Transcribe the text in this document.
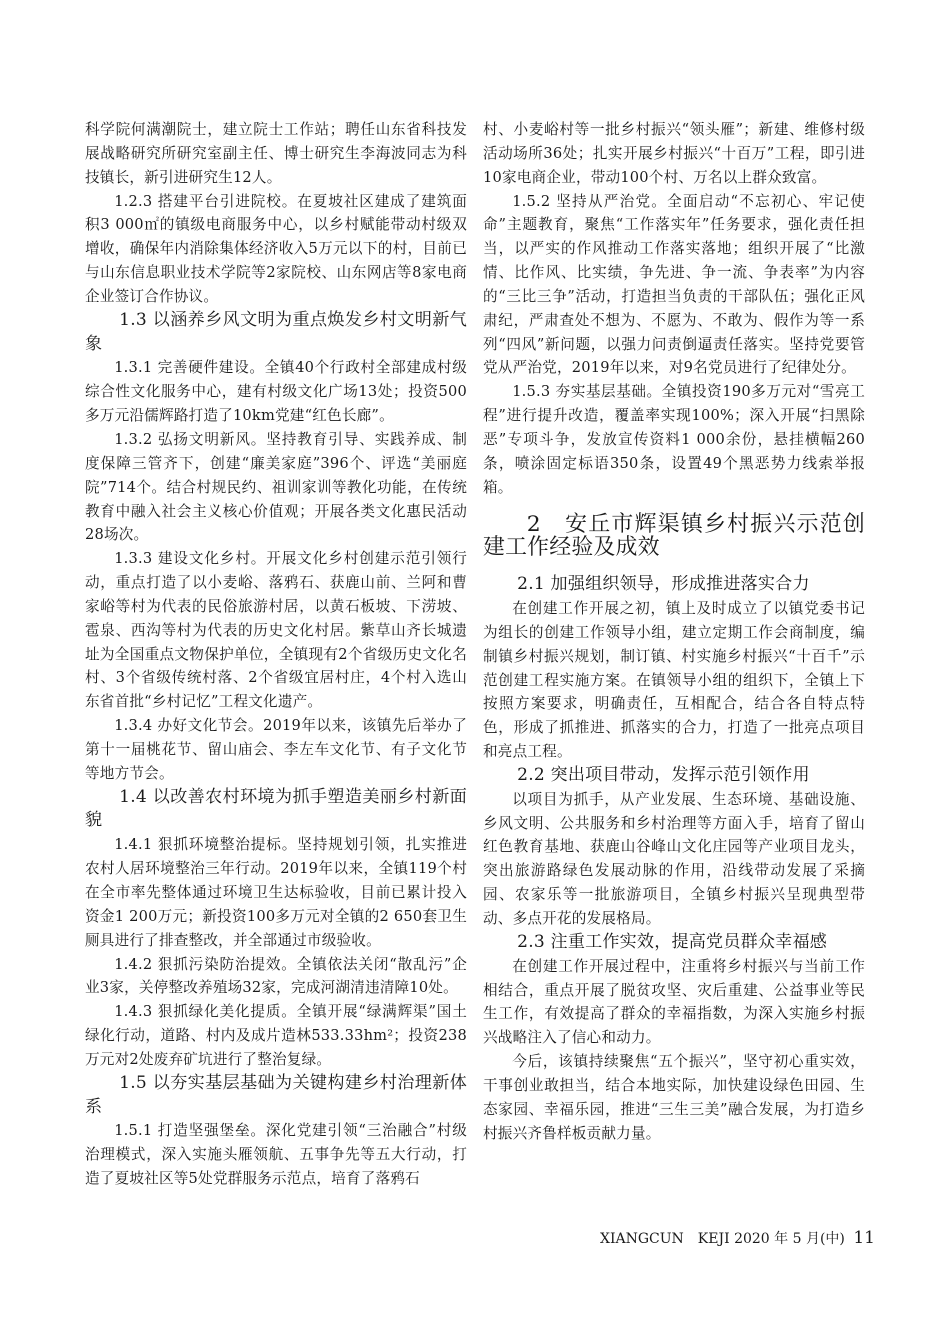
科学院何满潮院士，建立院士工作站；聘任山东省科技发展战略研究所研究室副主任、博士研究生李海波同志为科技镇长，新引进研究生12人。

1.2.3 搭建平台引进院校。在夏坡社区建成了建筑面积3 000㎡的镇级电商服务中心，以乡村赋能带动村级双增收，确保年内消除集体经济收入5万元以下的村，目前已与山东信息职业技术学院等2家院校、山东网店等8家电商企业签订合作协议。

1.3 以涵养乡风文明为重点焕发乡村文明新气象

1.3.1 完善硬件建设。全镇40个行政村全部建成村级综合性文化服务中心，建有村级文化广场13处；投资500多万元沿儒辉路打造了10km党建“红色长廊”。

1.3.2 弘扬文明新风。坚持教育引导、实践养成、制度保障三管齐下，创建“廉美家庭”396个、评选“美丽庭院”714个。结合村规民约、祖训家训等教化功能，在传统教育中融入社会主义核心价值观；开展各类文化惠民活动28场次。

1.3.3 建设文化乡村。开展文化乡村创建示范引领行动，重点打造了以小麦峪、落鸦石、获鹿山前、兰阿和曹家峪等村为代表的民俗旅游村居，以黄石板坡、下涝坡、雹泉、西沟等村为代表的历史文化村居。紫草山齐长城遗址为全国重点文物保护单位，全镇现有2个省级历史文化名村、3个省级传统村落、2个省级宜居村庄，4个村入选山东省首批“乡村记忆”工程文化遗产。

1.3.4 办好文化节会。2019年以来，该镇先后举办了第十一届桃花节、留山庙会、李左车文化节、有子文化节等地方节会。

1.4 以改善农村环境为抓手塑造美丽乡村新面貌

1.4.1 狠抓环境整治提标。坚持规划引领，扎实推进农村人居环境整治三年行动。2019年以来，全镇119个村在全市率先整体通过环境卫生达标验收，目前已累计投入资金1 200万元；新投资100多万元对全镇的2 650套卫生厕具进行了排查整改，并全部通过市级验收。

1.4.2 狠抓污染防治提效。全镇依法关闭“散乱污”企业3家，关停整改养殖场32家，完成河湖清违清障10处。

1.4.3 狠抓绿化美化提质。全镇开展“绿满辉渠”国土绿化行动，道路、村内及成片造林533.33hm²；投资238万元对2处废弃矿坑进行了整治复绿。

1.5 以夯实基层基础为关键构建乡村治理新体系

1.5.1 打造坚强堡垒。深化党建引领“三治融合”村级治理模式，深入实施头雁领航、五事争先等五大行动，打造了夏坡社区等5处党群服务示范点，培育了落鸦石

村、小麦峪村等一批乡村振兴“领头雁”；新建、维修村级活动场所36处；扎实开展乡村振兴“十百万”工程，即引进10家电商企业，带动100个村、万名以上群众致富。

1.5.2 坚持从严治党。全面启动“不忘初心、牢记使命”主题教育，聚焦“工作落实年”任务要求，强化责任担当，以严实的作风推动工作落实落地；组织开展了“比激情、比作风、比实绩，争先进、争一流、争表率”为内容的“三比三争”活动，打造担当负责的干部队伍；强化正风肃纪，严肃查处不想为、不愿为、不敢为、假作为等一系列“四风”新问题，以强力问责倒逼责任落实。坚持党要管党从严治党，2019年以来，对9名党员进行了纪律处分。

1.5.3 夯实基层基础。全镇投资190多万元对“雪亮工程”进行提升改造，覆盖率实现100%；深入开展“扫黑除恶”专项斗争，发放宣传资料1 000余份，悬挂横幅260条，喷涂固定标语350条，设置49个黑恶势力线索举报箱。

2　安丘市辉渠镇乡村振兴示范创建工作经验及成效
2.1 加强组织领导，形成推进落实合力

在创建工作开展之初，镇上及时成立了以镇党委书记为组长的创建工作领导小组，建立定期工作会商制度，编制镇乡村振兴规划，制订镇、村实施乡村振兴“十百千”示范创建工程实施方案。在镇领导小组的组织下，全镇上下按照方案要求，明确责任，互相配合，结合各自特点特色，形成了抓推进、抓落实的合力，打造了一批亮点项目和亮点工程。

2.2 突出项目带动，发挥示范引领作用

以项目为抓手，从产业发展、生态环境、基础设施、乡风文明、公共服务和乡村治理等方面入手，培育了留山红色教育基地、获鹿山谷峰山文化庄园等产业项目龙头，突出旅游路绿色发展动脉的作用，沿线带动发展了采摘园、农家乐等一批旅游项目，全镇乡村振兴呈现典型带动、多点开花的发展格局。

2.3 注重工作实效，提高党员群众幸福感

在创建工作开展过程中，注重将乡村振兴与当前工作相结合，重点开展了脱贫攻坚、灾后重建、公益事业等民生工作，有效提高了群众的幸福指数，为深入实施乡村振兴战略注入了信心和动力。

今后，该镇持续聚焦“五个振兴”，坚守初心重实效，干事创业敢担当，结合本地实际，加快建设绿色田园、生态家园、幸福乐园，推进“三生三美”融合发展，为打造乡村振兴齐鲁样板贡献力量。

XIANGCUN　KEJI 2020 年 5 月(中) 11
